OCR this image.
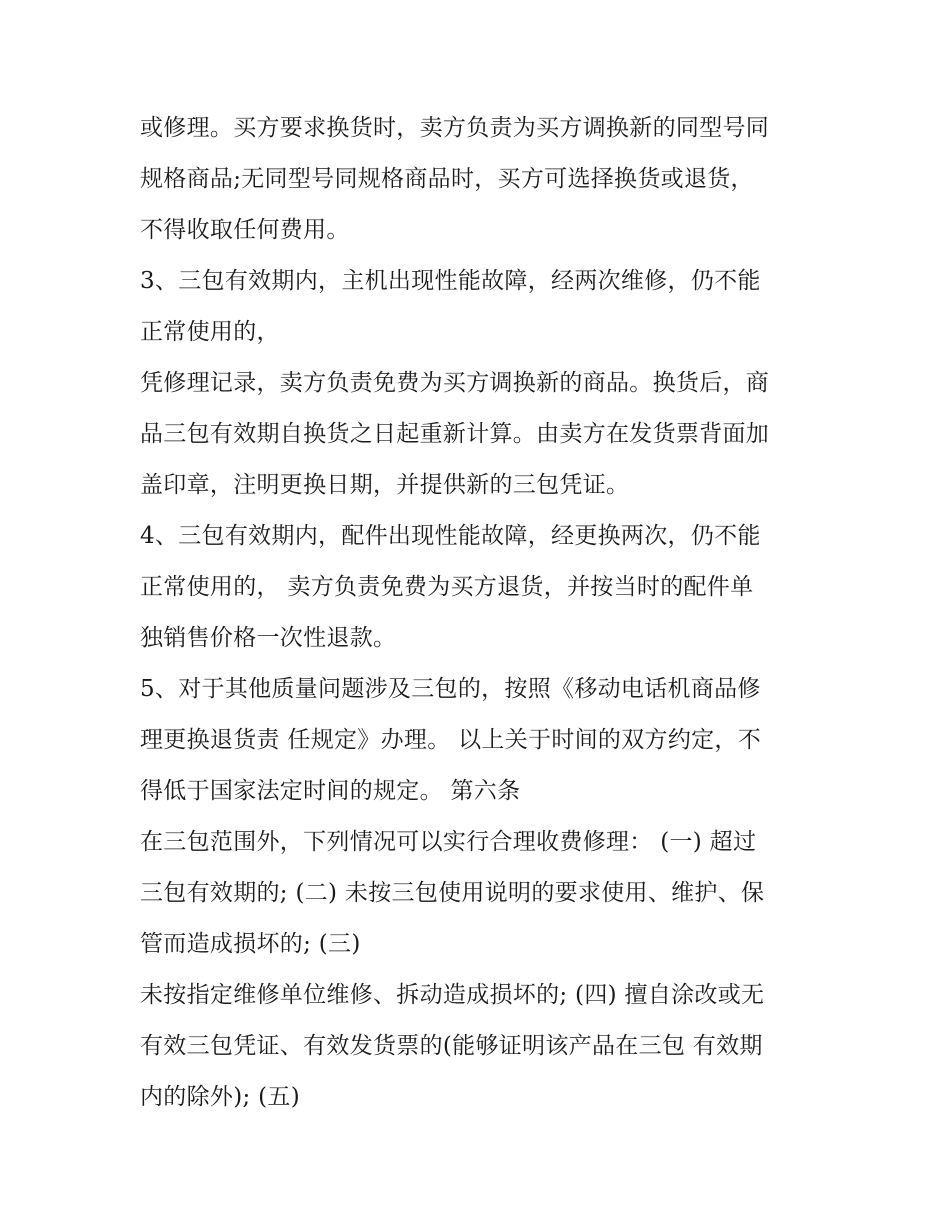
或修理。买方要求换货时，卖方负责为买方调换新的同型号同
规格商品;无同型号同规格商品时，买方可选择换货或退货，
不得收取任何费用。
3、三包有效期内，主机出现性能故障，经两次维修，仍不能
正常使用的，
凭修理记录，卖方负责免费为买方调换新的商品。换货后，商
品三包有效期自换货之日起重新计算。由卖方在发货票背面加
盖印章，注明更换日期，并提供新的三包凭证。
4、三包有效期内，配件出现性能故障，经更换两次，仍不能
正常使用的， 卖方负责免费为买方退货，并按当时的配件单
独销售价格一次性退款。
5、对于其他质量问题涉及三包的，按照《移动电话机商品修
理更换退货责 任规定》办理。 以上关于时间的双方约定，不
得低于国家法定时间的规定。 第六条
在三包范围外，下列情况可以实行合理收费修理： (一) 超过
三包有效期的; (二) 未按三包使用说明的要求使用、维护、保
管而造成损坏的; (三)
未按指定维修单位维修、拆动造成损坏的; (四) 擅自涂改或无
有效三包凭证、有效发货票的(能够证明该产品在三包 有效期
内的除外); (五)
